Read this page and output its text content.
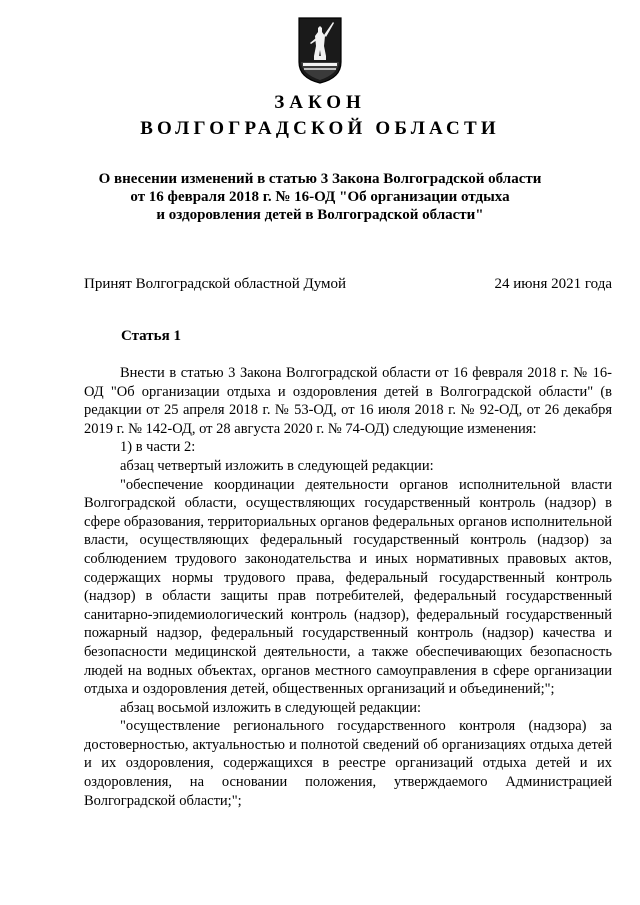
ЗАКОН
ВОЛГОГРАДСКОЙ ОБЛАСТИ
О внесении изменений в статью 3 Закона Волгоградской области
от 16 февраля 2018 г. № 16-ОД "Об организации отдыха
и оздоровления детей в Волгоградской области"
Принят Волгоградской областной Думой	24 июня 2021 года
Статья 1

Внести в статью 3 Закона Волгоградской области от 16 февраля 2018 г. № 16-ОД "Об организации отдыха и оздоровления детей в Волгоградской области" (в редакции от 25 апреля 2018 г. № 53-ОД, от 16 июля 2018 г. № 92-ОД, от 26 декабря 2019 г. № 142-ОД, от 28 августа 2020 г. № 74-ОД) следующие изменения:

1) в части 2:

абзац четвертый изложить в следующей редакции:

"обеспечение координации деятельности органов исполнительной власти Волгоградской области, осуществляющих государственный контроль (надзор) в сфере образования, территориальных органов федеральных органов исполнительной власти, осуществляющих федеральный государственный контроль (надзор) за соблюдением трудового законодательства и иных нормативных правовых актов, содержащих нормы трудового права, федеральный государственный контроль (надзор) в области защиты прав потребителей, федеральный государственный санитарно-эпидемиологический контроль (надзор), федеральный государственный пожарный надзор, федеральный государственный контроль (надзор) качества и безопасности медицинской деятельности, а также обеспечивающих безопасность людей на водных объектах, органов местного самоуправления в сфере организации отдыха и оздоровления детей, общественных организаций и объединений;";

абзац восьмой изложить в следующей редакции:

"осуществление регионального государственного контроля (надзора) за достоверностью, актуальностью и полнотой сведений об организациях отдыха детей и их оздоровления, содержащихся в реестре организаций отдыха детей и их оздоровления, на основании положения, утверждаемого Администрацией Волгоградской области;";
